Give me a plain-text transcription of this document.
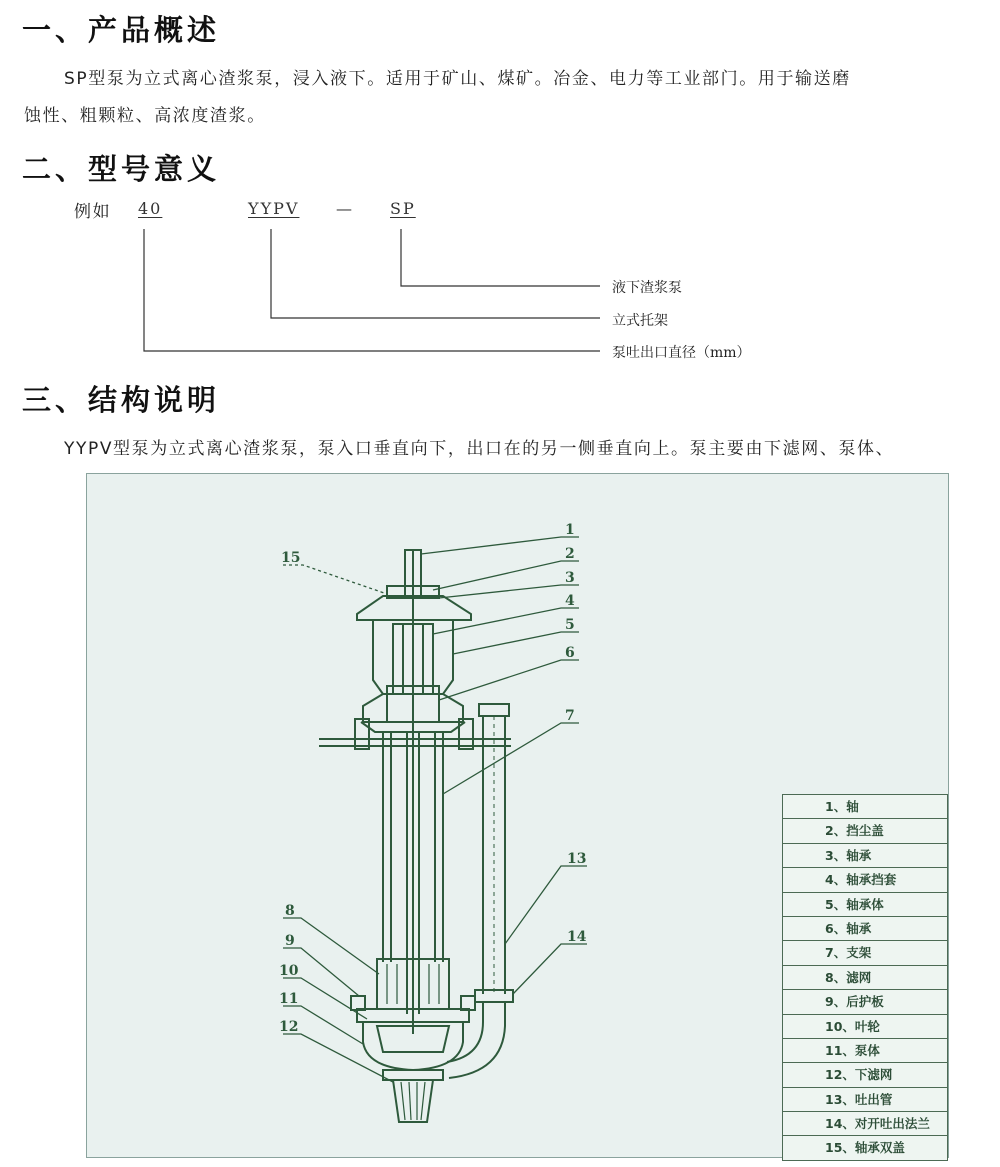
一、产品概述
SP型泵为立式离心渣浆泵，浸入液下。适用于矿山、煤矿。冶金、电力等工业部门。用于输送磨
蚀性、粗颗粒、高浓度渣浆。
二、型号意义
例如 40	YYPV — SP
液下渣浆泵
立式托架
泵吐出口直径（mm）
三、结构说明
YYPV型泵为立式离心渣浆泵，泵入口垂直向下，出口在的另一侧垂直向上。泵主要由下滤网、泵体、
1
2
3
4
5
6
7
8
9
10
11
12
13
14
15
1、轴
2、挡尘盖
3、轴承
4、轴承挡套
5、轴承体
6、轴承
7、支架
8、滤网
9、后护板
10、叶轮
11、泵体
12、下滤网
13、吐出管
14、对开吐出法兰
15、轴承双盖
